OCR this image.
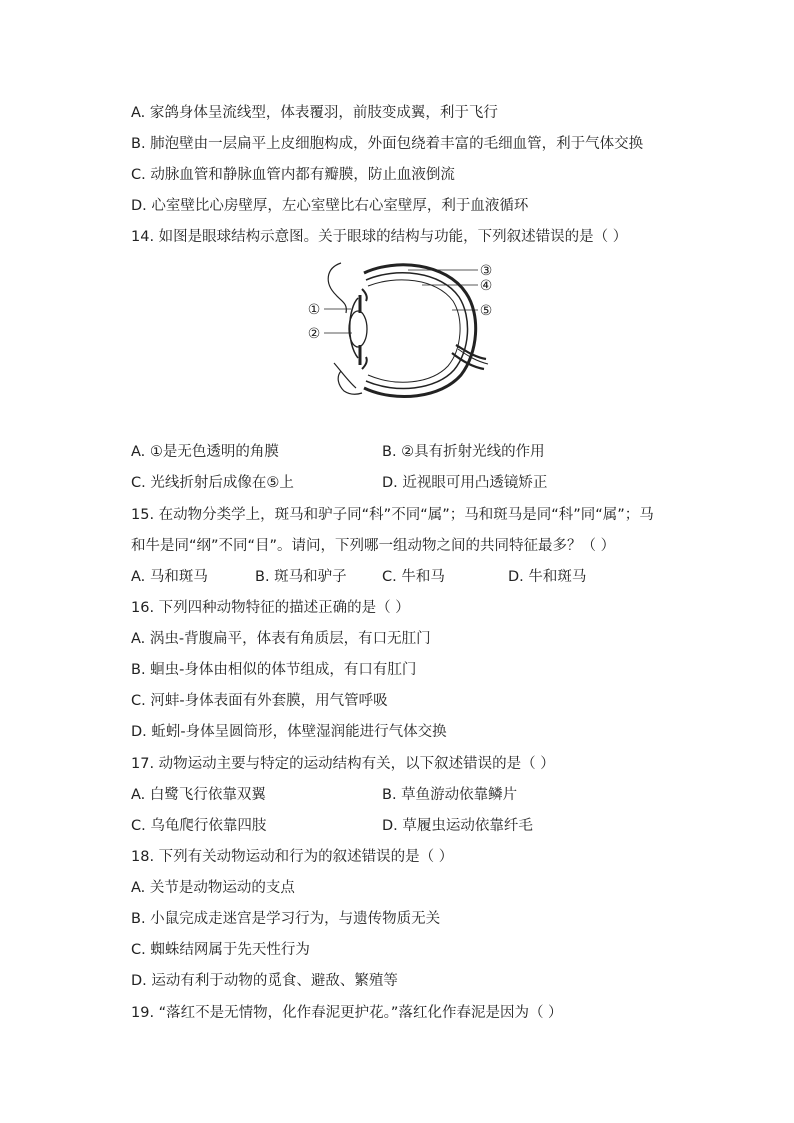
A. 家鸽身体呈流线型，体表覆羽，前肢变成翼，利于飞行
B. 肺泡壁由一层扁平上皮细胞构成，外面包绕着丰富的毛细血管，利于气体交换
C. 动脉血管和静脉血管内都有瓣膜，防止血液倒流
D. 心室壁比心房壁厚，左心室壁比右心室壁厚，利于血液循环
14. 如图是眼球结构示意图。关于眼球的结构与功能，下列叙述错误的是（ ）
①
②
③
④
⑤
A. ①是无色透明的角膜	B. ②具有折射光线的作用
C. 光线折射后成像在⑤上	D. 近视眼可用凸透镜矫正
15. 在动物分类学上，斑马和驴子同“科”不同“属”；马和斑马是同“科”同“属”；马
和牛是同“纲”不同“目”。请问，下列哪一组动物之间的共同特征最多？（ ）
A. 马和斑马	B. 斑马和驴子 C. 牛和马	D. 牛和斑马
16. 下列四种动物特征的描述正确的是（ ）
A. 涡虫-背腹扁平，体表有角质层，有口无肛门
B. 蛔虫-身体由相似的体节组成，有口有肛门
C. 河蚌-身体表面有外套膜，用气管呼吸
D. 蚯蚓-身体呈圆筒形，体壁湿润能进行气体交换
17. 动物运动主要与特定的运动结构有关，以下叙述错误的是（ ）
A. 白鹭飞行依靠双翼	B. 草鱼游动依靠鳞片
C. 乌龟爬行依靠四肢	D. 草履虫运动依靠纤毛
18. 下列有关动物运动和行为的叙述错误的是（ ）
A. 关节是动物运动的支点
B. 小鼠完成走迷宫是学习行为，与遗传物质无关
C. 蜘蛛结网属于先天性行为
D. 运动有利于动物的觅食、避敌、繁殖等
19. “落红不是无情物，化作春泥更护花。”落红化作春泥是因为（ ）
